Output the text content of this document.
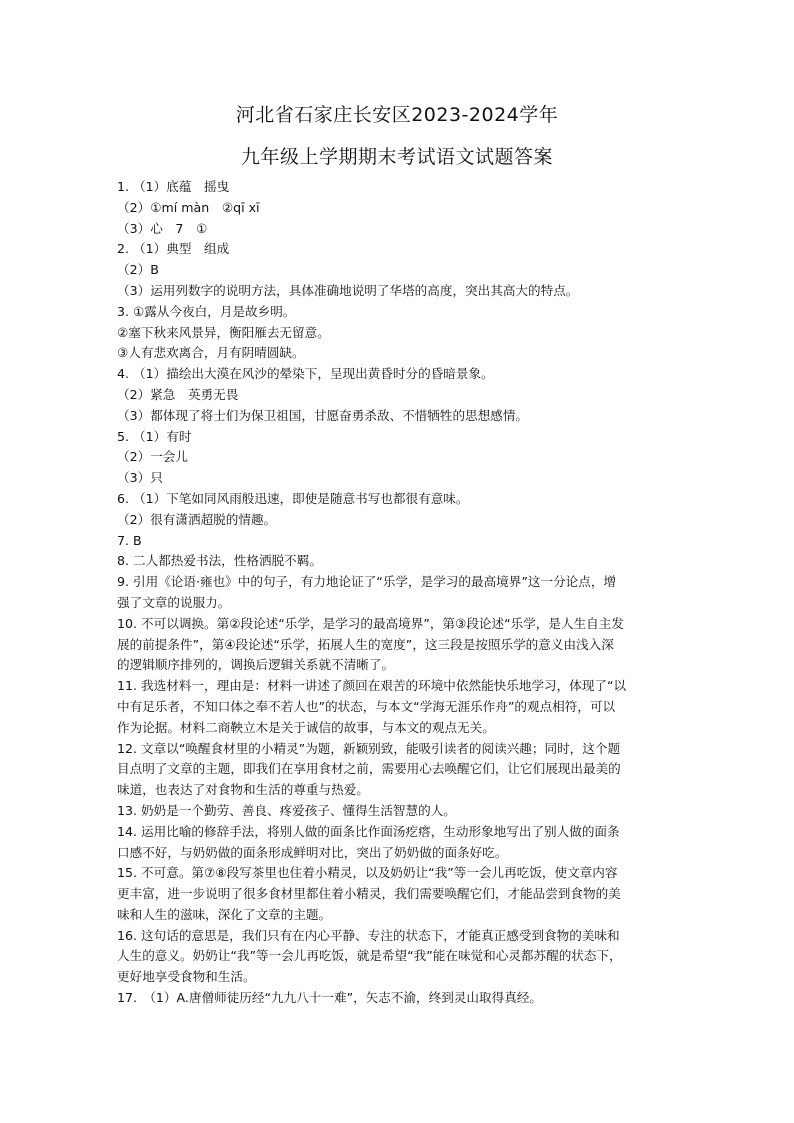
河北省石家庄长安区2023-2024学年
九年级上学期期末考试语文试题答案
1. （1）底蕴　摇曳
（2）①mí màn　②qī xī
（3）心　7　①
2. （1）典型　组成
（2）B
（3）运用列数字的说明方法，具体准确地说明了华塔的高度，突出其高大的特点。
3. ①露从今夜白，月是故乡明。
②塞下秋来风景异，衡阳雁去无留意。
③人有悲欢离合，月有阴晴圆缺。
4. （1）描绘出大漠在风沙的晕染下，呈现出黄昏时分的昏暗景象。
（2）紧急　英勇无畏
（3）都体现了将士们为保卫祖国，甘愿奋勇杀敌、不惜牺牲的思想感情。
5. （1）有时
（2）一会儿
（3）只
6. （1）下笔如同风雨般迅速，即使是随意书写也都很有意味。
（2）很有潇洒超脱的情趣。
7. B
8. 二人都热爱书法，性格洒脱不羁。
9. 引用《论语·雍也》中的句子，有力地论证了“乐学，是学习的最高境界”这一分论点，增
强了文章的说服力。
10. 不可以调换。第②段论述“乐学，是学习的最高境界”，第③段论述“乐学，是人生自主发
展的前提条件”，第④段论述“乐学，拓展人生的宽度”，这三段是按照乐学的意义由浅入深
的逻辑顺序排列的，调换后逻辑关系就不清晰了。
11. 我选材料一，理由是：材料一讲述了颜回在艰苦的环境中依然能快乐地学习，体现了“以
中有足乐者，不知口体之奉不若人也”的状态，与本文“学海无涯乐作舟”的观点相符，可以
作为论据。材料二商鞅立木是关于诚信的故事，与本文的观点无关。
12. 文章以“唤醒食材里的小精灵”为题，新颖别致，能吸引读者的阅读兴趣；同时，这个题
目点明了文章的主题，即我们在享用食材之前，需要用心去唤醒它们，让它们展现出最美的
味道，也表达了对食物和生活的尊重与热爱。
13. 奶奶是一个勤劳、善良、疼爱孩子、懂得生活智慧的人。
14. 运用比喻的修辞手法，将别人做的面条比作面汤疙瘩，生动形象地写出了别人做的面条
口感不好，与奶奶做的面条形成鲜明对比，突出了奶奶做的面条好吃。
15. 不可意。第⑦⑧段写茶里也住着小精灵，以及奶奶让“我”等一会儿再吃饭，使文章内容
更丰富，进一步说明了很多食材里都住着小精灵，我们需要唤醒它们，才能品尝到食物的美
味和人生的滋味，深化了文章的主题。
16. 这句话的意思是，我们只有在内心平静、专注的状态下，才能真正感受到食物的美味和
人生的意义。奶奶让“我”等一会儿再吃饭，就是希望“我”能在味觉和心灵都苏醒的状态下，
更好地享受食物和生活。
17.　（1）A.唐僧师徒历经“九九八十一难”，矢志不渝，终到灵山取得真经。
